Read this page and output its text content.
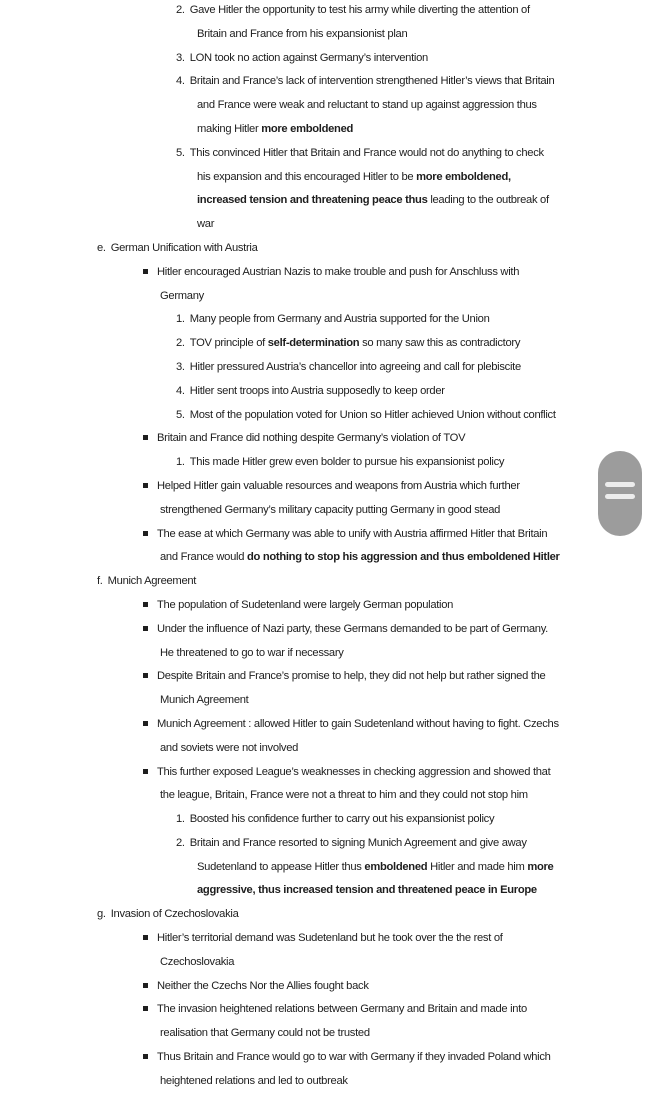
2. Gave Hitler the opportunity to test his army while diverting the attention of
Britain and France from his expansionist plan
3. LON took no action against Germany’s intervention
4. Britain and France’s lack of intervention strengthened Hitler’s views that Britain
and France were weak and reluctant to stand up against aggression thus
making Hitler more emboldened
5. This convinced Hitler that Britain and France would not do anything to check
his expansion and this encouraged Hitler to be more emboldened,
increased tension and threatening peace thus leading to the outbreak of
war
e. German Unification with Austria
Hitler encouraged Austrian Nazis to make trouble and push for Anschluss with
Germany
1. Many people from Germany and Austria supported for the Union
2. TOV principle of self-determination so many saw this as contradictory
3. Hitler pressured Austria’s chancellor into agreeing and call for plebiscite
4. Hitler sent troops into Austria supposedly to keep order
5. Most of the population voted for Union so Hitler achieved Union without conflict
Britain and France did nothing despite Germany’s violation of TOV
1. This made Hitler grew even bolder to pursue his expansionist policy
Helped Hitler gain valuable resources and weapons from Austria which further
strengthened Germany’s military capacity putting Germany in good stead
The ease at which Germany was able to unify with Austria affirmed Hitler that Britain
and France would do nothing to stop his aggression and thus emboldened Hitler
f. Munich Agreement
The population of Sudetenland were largely German population
Under the influence of Nazi party, these Germans demanded to be part of Germany.
He threatened to go to war if necessary
Despite Britain and France’s promise to help, they did not help but rather signed the
Munich Agreement
Munich Agreement : allowed Hitler to gain Sudetenland without having to fight. Czechs
and soviets were not involved
This further exposed League’s weaknesses in checking aggression and showed that
the league, Britain, France were not a threat to him and they could not stop him
1. Boosted his confidence further to carry out his expansionist policy
2. Britain and France resorted to signing Munich Agreement and give away
Sudetenland to appease Hitler thus emboldened Hitler and made him more
aggressive, thus increased tension and threatened peace in Europe
g. Invasion of Czechoslovakia
Hitler’s territorial demand was Sudetenland but he took over the the rest of
Czechoslovakia
Neither the Czechs Nor the Allies fought back
The invasion heightened relations between Germany and Britain and made into
realisation that Germany could not be trusted
Thus Britain and France would go to war with Germany if they invaded Poland which
heightened relations and led to outbreak
